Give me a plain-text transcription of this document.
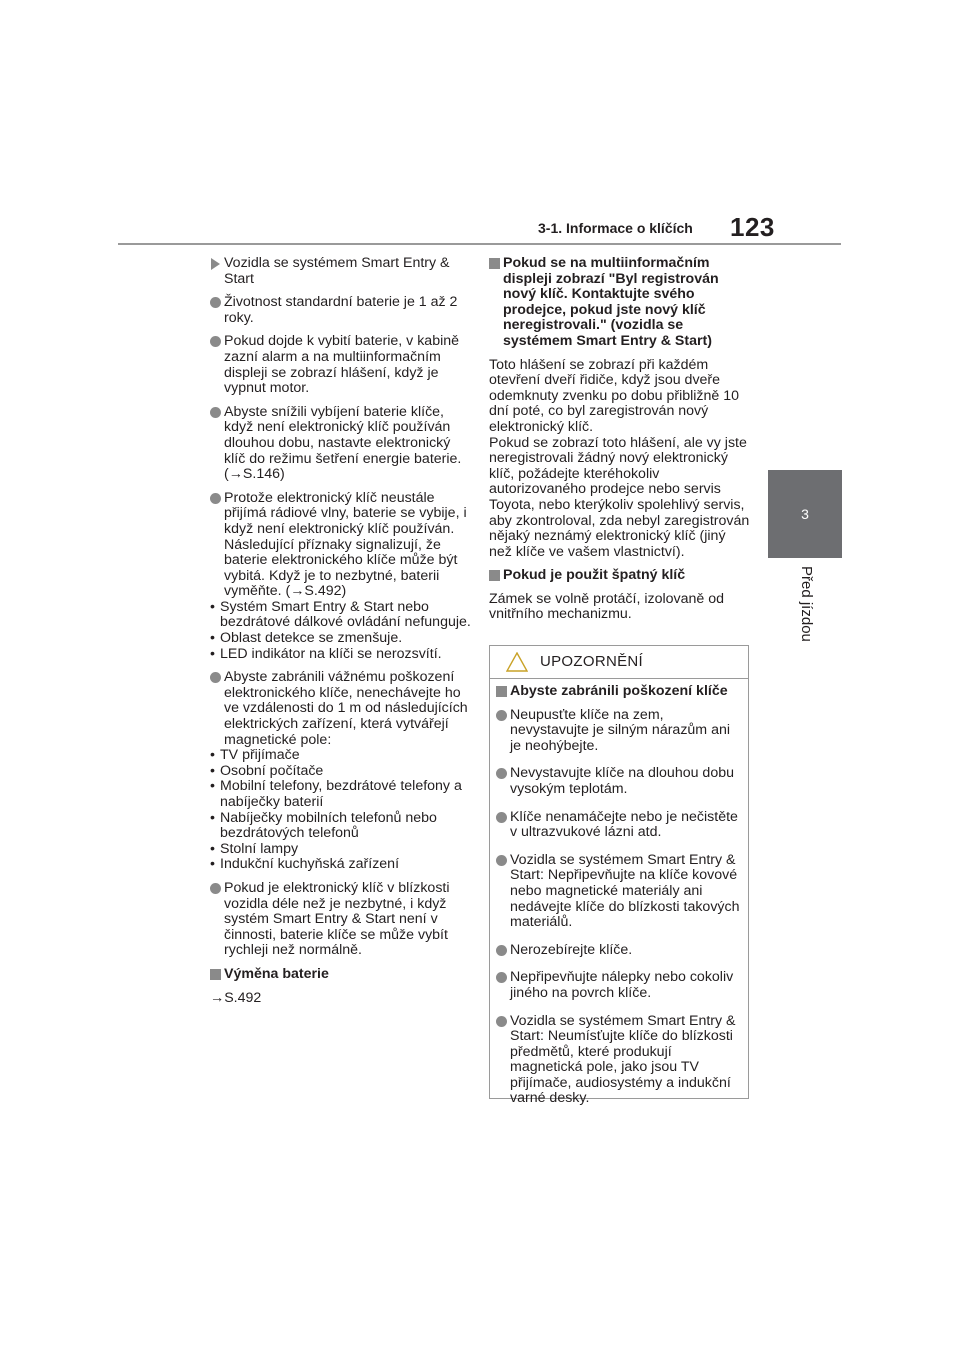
3-1. Informace o klíčích 123
3
Před jízdou
Vozidla se systémem Smart Entry & Start
Životnost standardní baterie je 1 až 2 roky.
Pokud dojde k vybití baterie, v kabině zazní alarm a na multiinformačním displeji se zobrazí hlášení, když je vypnut motor.
Abyste snížili vybíjení baterie klíče, když není elektronický klíč používán dlouhou dobu, nastavte elektronický klíč do režimu šetření energie baterie. (→S.146)
Protože elektronický klíč neustále přijímá rádiové vlny, baterie se vybije, i když není elektronický klíč používán. Následující příznaky signalizují, že baterie elektronického klíče může být vybitá. Když je to nezbytné, baterii vyměňte. (→S.492)
• Systém Smart Entry & Start nebo bezdrátové dálkové ovládání nefunguje.
• Oblast detekce se zmenšuje.
• LED indikátor na klíči se nerozsvítí.
Abyste zabránili vážnému poškození elektronického klíče, nenechávejte ho ve vzdálenosti do 1 m od následujících elektrických zařízení, která vytvářejí magnetické pole:
• TV přijímače
• Osobní počítače
• Mobilní telefony, bezdrátové telefony a nabíječky baterií
• Nabíječky mobilních telefonů nebo bezdrátových telefonů
• Stolní lampy
• Indukční kuchyňská zařízení
Pokud je elektronický klíč v blízkosti vozidla déle než je nezbytné, i když systém Smart Entry & Start není v činnosti, baterie klíče se může vybít rychleji než normálně.
Výměna baterie
→S.492
Pokud se na multiinformačním displeji zobrazí "Byl registrován nový klíč. Kontaktujte svého prodejce, pokud jste nový klíč neregistrovali." (vozidla se systémem Smart Entry & Start)
Toto hlášení se zobrazí při každém otevření dveří řidiče, když jsou dveře odemknuty zvenku po dobu přibližně 10 dní poté, co byl zaregistrován nový elektronický klíč.
Pokud se zobrazí toto hlášení, ale vy jste neregistrovali žádný nový elektronický klíč, požádejte kteréhokoliv autorizovaného prodejce nebo servis Toyota, nebo kterýkoliv spolehlivý servis, aby zkontroloval, zda nebyl zaregistrován nějaký neznámý elektronický klíč (jiný než klíče ve vašem vlastnictví).
Pokud je použit špatný klíč
Zámek se volně protáčí, izolovaně od vnitřního mechanizmu.
UPOZORNĚNÍ
Abyste zabránili poškození klíče
Neupusťte klíče na zem, nevystavujte je silným nárazům ani je neohýbejte.
Nevystavujte klíče na dlouhou dobu vysokým teplotám.
Klíče nenamáčejte nebo je nečistěte v ultrazvukové lázni atd.
Vozidla se systémem Smart Entry & Start: Nepřipevňujte na klíče kovové nebo magnetické materiály ani nedávejte klíče do blízkosti takových materiálů.
Nerozebírejte klíče.
Nepřipevňujte nálepky nebo cokoliv jiného na povrch klíče.
Vozidla se systémem Smart Entry & Start: Neumísťujte klíče do blízkosti předmětů, které produkují magnetická pole, jako jsou TV přijímače, audiosystémy a indukční varné desky.
